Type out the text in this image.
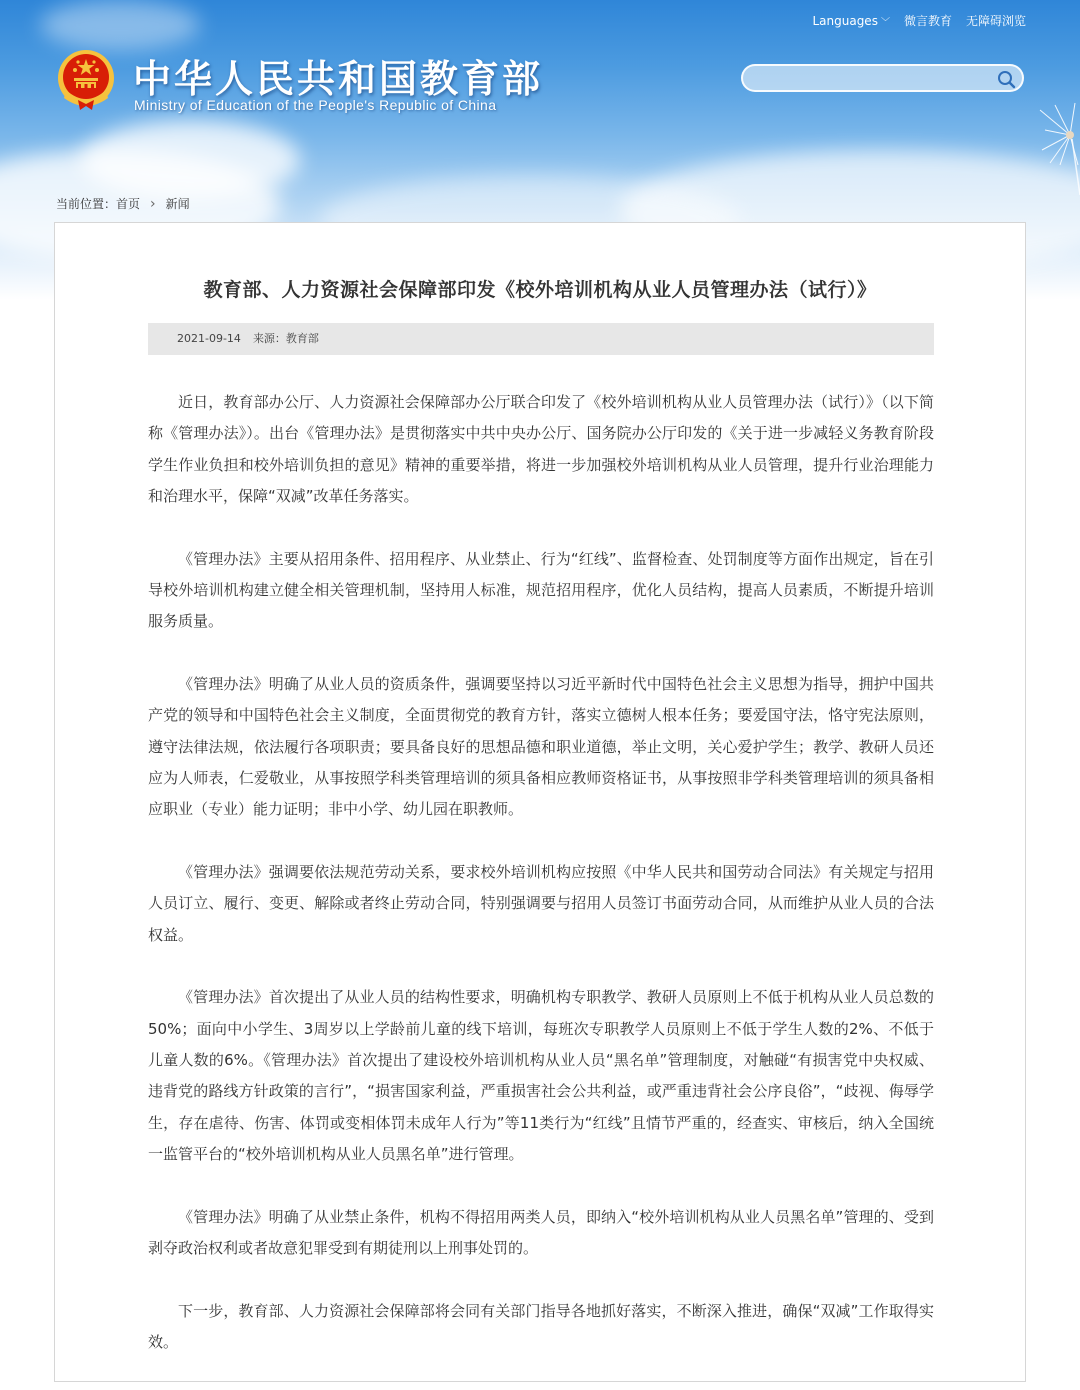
Languages ﹀ 微言教育 无障碍浏览
中华人民共和国教育部
Ministry of Education of the People's Republic of China
当前位置： 首页 › 新闻
教育部、人力资源社会保障部印发《校外培训机构从业人员管理办法（试行）》
2021-09-14 来源：教育部

近日，教育部办公厅、人力资源社会保障部办公厅联合印发了《校外培训机构从业人员管理办法（试行）》（以下简称《管理办法》）。出台《管理办法》是贯彻落实中共中央办公厅、国务院办公厅印发的《关于进一步减轻义务教育阶段学生作业负担和校外培训负担的意见》精神的重要举措，将进一步加强校外培训机构从业人员管理，提升行业治理能力和治理水平，保障“双减”改革任务落实。

《管理办法》主要从招用条件、招用程序、从业禁止、行为“红线”、监督检查、处罚制度等方面作出规定，旨在引导校外培训机构建立健全相关管理机制，坚持用人标准，规范招用程序，优化人员结构，提高人员素质，不断提升培训服务质量。

《管理办法》明确了从业人员的资质条件，强调要坚持以习近平新时代中国特色社会主义思想为指导，拥护中国共产党的领导和中国特色社会主义制度，全面贯彻党的教育方针，落实立德树人根本任务；要爱国守法，恪守宪法原则，遵守法律法规，依法履行各项职责；要具备良好的思想品德和职业道德，举止文明，关心爱护学生；教学、教研人员还应为人师表，仁爱敬业，从事按照学科类管理培训的须具备相应教师资格证书，从事按照非学科类管理培训的须具备相应职业（专业）能力证明；非中小学、幼儿园在职教师。

《管理办法》强调要依法规范劳动关系，要求校外培训机构应按照《中华人民共和国劳动合同法》有关规定与招用人员订立、履行、变更、解除或者终止劳动合同，特别强调要与招用人员签订书面劳动合同，从而维护从业人员的合法权益。

《管理办法》首次提出了从业人员的结构性要求，明确机构专职教学、教研人员原则上不低于机构从业人员总数的50%；面向中小学生、3周岁以上学龄前儿童的线下培训，每班次专职教学人员原则上不低于学生人数的2%、不低于儿童人数的6%。《管理办法》首次提出了建设校外培训机构从业人员“黑名单”管理制度，对触碰“有损害党中央权威、违背党的路线方针政策的言行”，“损害国家利益，严重损害社会公共利益，或严重违背社会公序良俗”，“歧视、侮辱学生，存在虐待、伤害、体罚或变相体罚未成年人行为”等11类行为“红线”且情节严重的，经查实、审核后，纳入全国统一监管平台的“校外培训机构从业人员黑名单”进行管理。

《管理办法》明确了从业禁止条件，机构不得招用两类人员，即纳入“校外培训机构从业人员黑名单”管理的、受到剥夺政治权利或者故意犯罪受到有期徒刑以上刑事处罚的。

下一步，教育部、人力资源社会保障部将会同有关部门指导各地抓好落实，不断深入推进，确保“双减”工作取得实效。
